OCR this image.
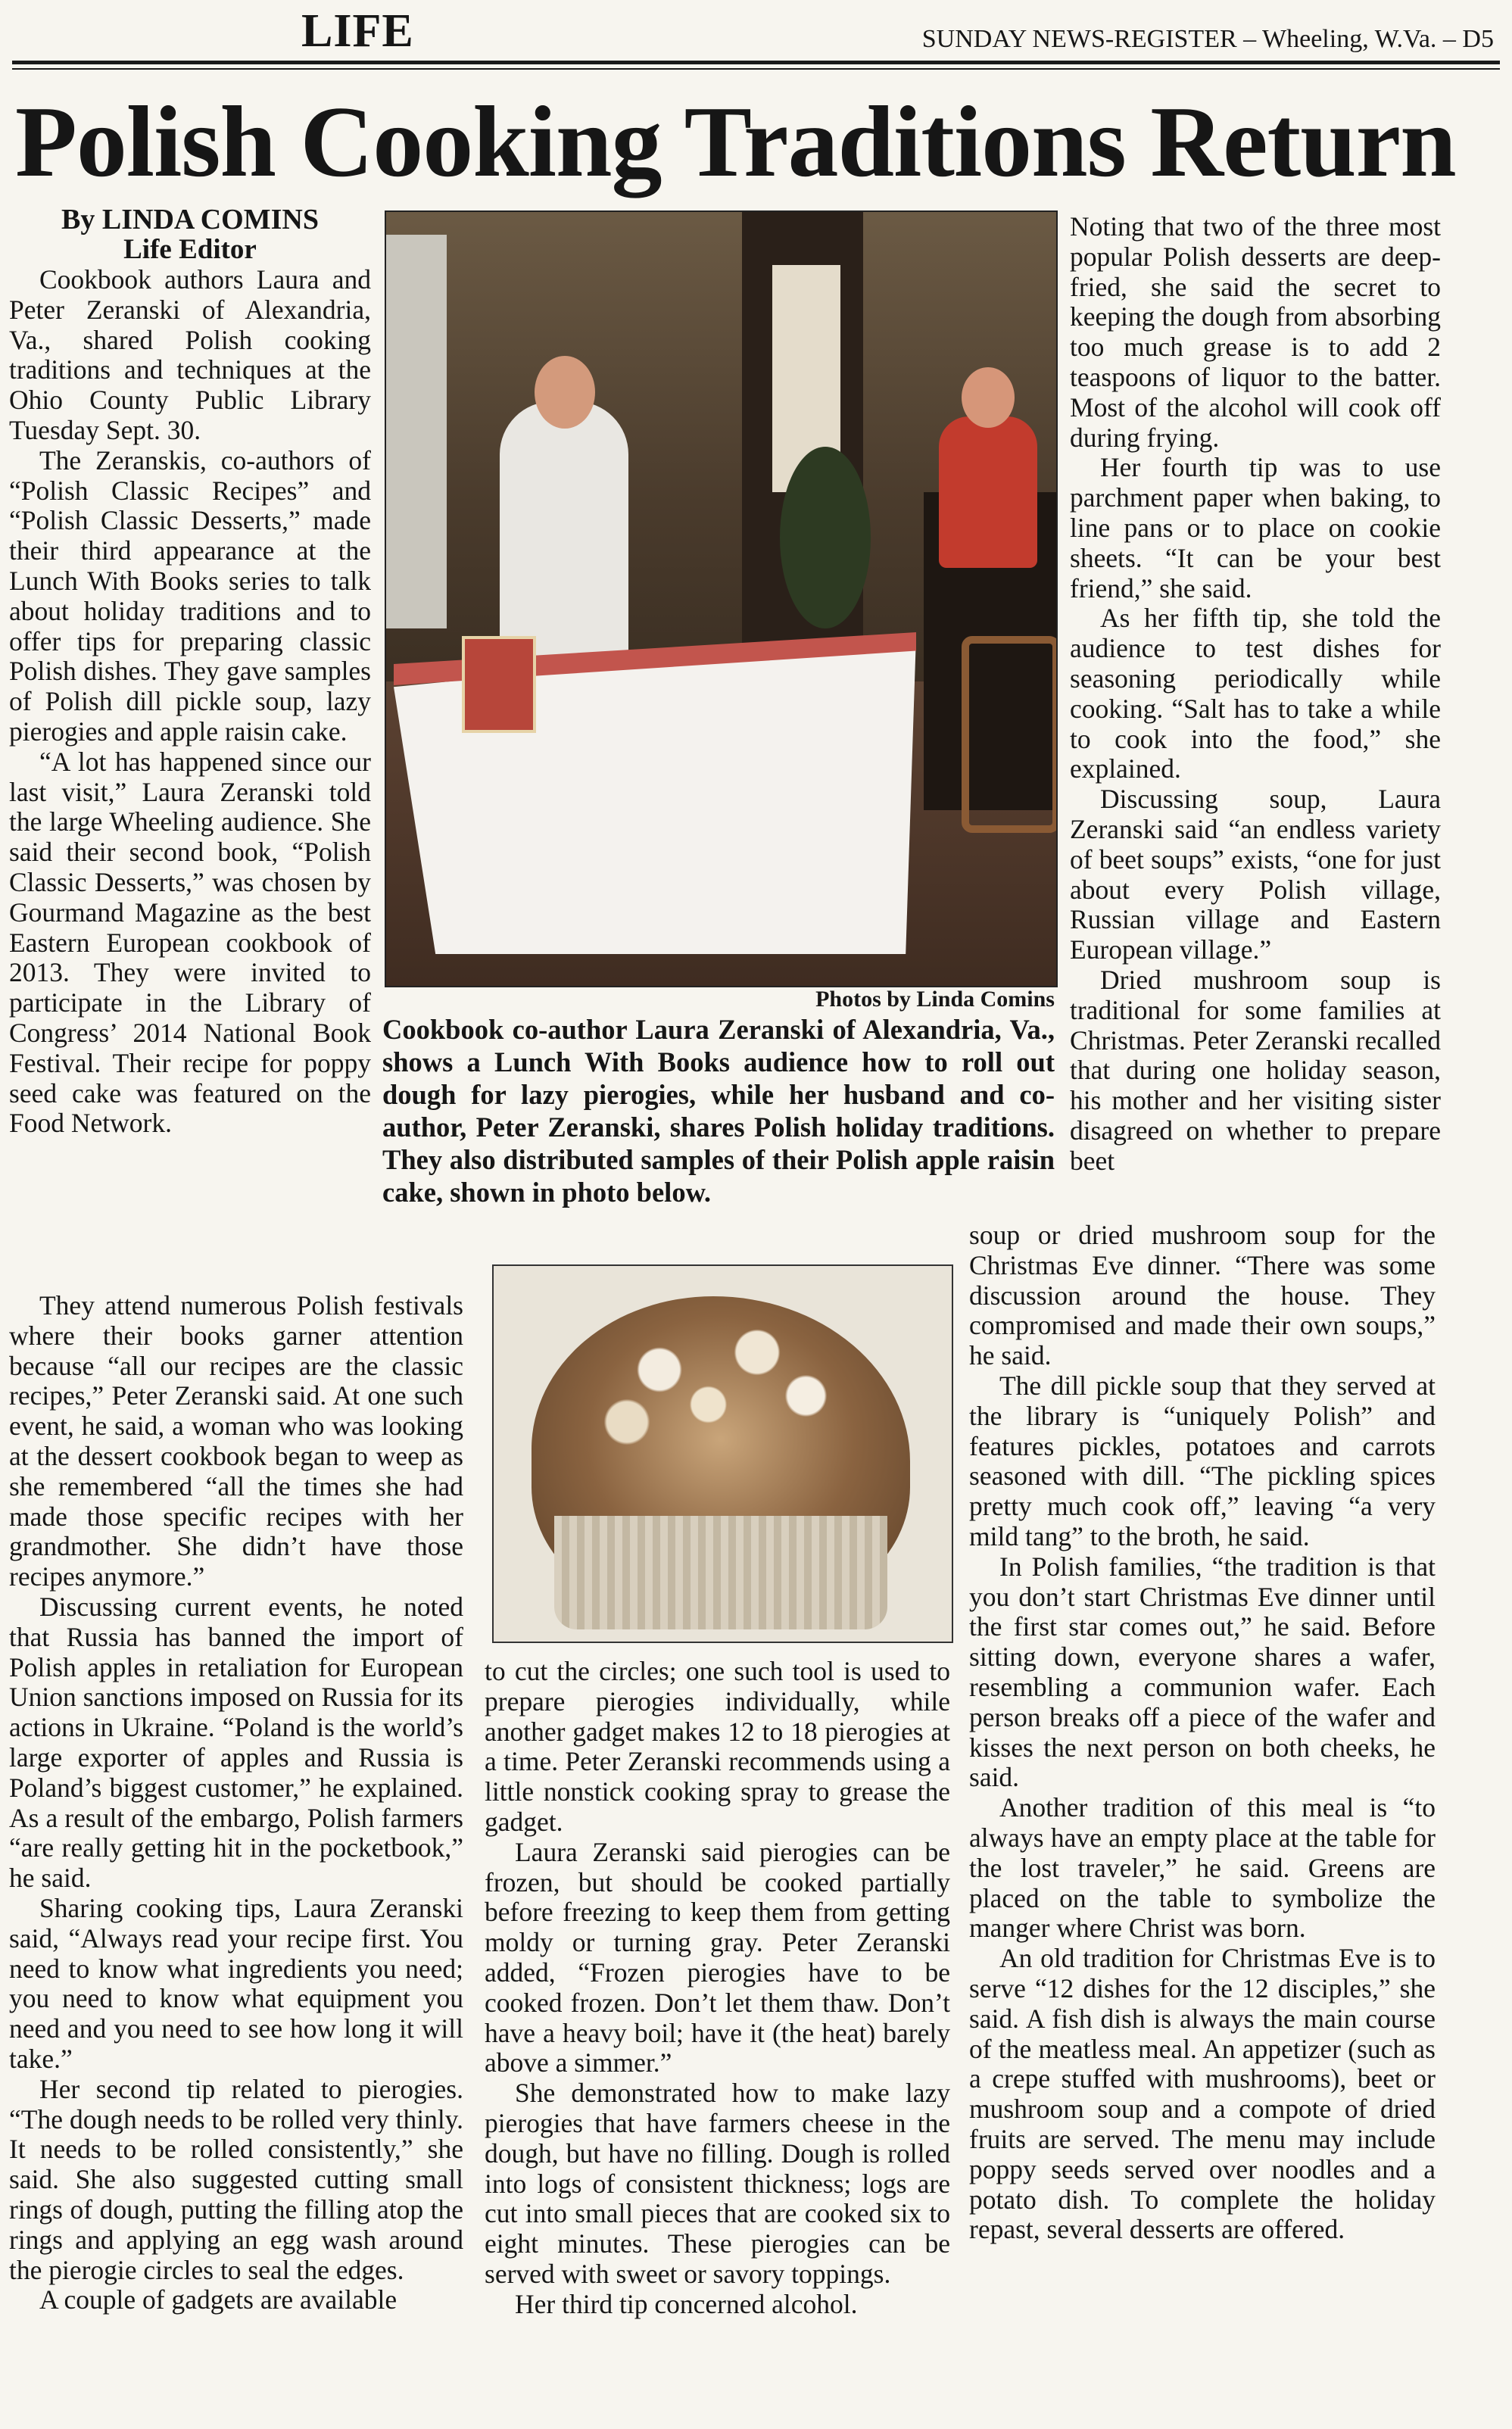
LIFE	SUNDAY NEWS-REGISTER – Wheeling, W.Va. – D5
Polish Cooking Traditions Return

By LINDA COMINS

Life Editor

Cookbook authors Laura and Peter Zeranski of Alexandria, Va., shared Polish cooking traditions and techniques at the Ohio County Public Library Tuesday Sept. 30.

The Zeranskis, co-authors of “Polish Classic Recipes” and “Polish Classic Desserts,” made their third appearance at the Lunch With Books series to talk about holiday traditions and to offer tips for preparing classic Polish dishes. They gave samples of Polish dill pickle soup, lazy pierogies and apple raisin cake.

“A lot has happened since our last visit,” Laura Zeranski told the large Wheeling audience. She said their second book, “Polish Classic Desserts,” was chosen by Gourmand Magazine as the best Eastern European cookbook of 2013. They were invited to participate in the Library of Congress’ 2014 National Book Festival. Their recipe for poppy seed cake was featured on the Food Network.

They attend numerous Polish festivals where their books garner attention because “all our recipes are the classic recipes,” Peter Zeranski said. At one such event, he said, a woman who was looking at the dessert cookbook began to weep as she remembered “all the times she had made those specific recipes with her grandmother. She didn’t have those recipes anymore.”

Discussing current events, he noted that Russia has banned the import of Polish apples in retaliation for European Union sanctions imposed on Russia for its actions in Ukraine. “Poland is the world’s large exporter of apples and Russia is Poland’s biggest customer,” he explained. As a result of the embargo, Polish farmers “are really getting hit in the pocketbook,” he said.

Sharing cooking tips, Laura Zeranski said, “Always read your recipe first. You need to know what ingredients you need; you need to know what equipment you need and you need to see how long it will take.”

Her second tip related to pierogies. “The dough needs to be rolled very thinly. It needs to be rolled consistently,” she said. She also suggested cutting small rings of dough, putting the filling atop the rings and applying an egg wash around the pierogie circles to seal the edges.

A couple of gadgets are available

Photos by Linda Comins
Cookbook co-author Laura Zeranski of Alexandria, Va., shows a Lunch With Books audience how to roll out dough for lazy pierogies, while her husband and co-author, Peter Zeranski, shares Polish holiday traditions. They also distributed samples of their Polish apple raisin cake, shown in photo below.

to cut the circles; one such tool is used to prepare pierogies individually, while another gadget makes 12 to 18 pierogies at a time. Peter Zeranski recommends using a little nonstick cooking spray to grease the gadget.

Laura Zeranski said pierogies can be frozen, but should be cooked partially before freezing to keep them from getting moldy or turning gray. Peter Zeranski added, “Frozen pierogies have to be cooked frozen. Don’t let them thaw. Don’t have a heavy boil; have it (the heat) barely above a simmer.”

She demonstrated how to make lazy pierogies that have farmers cheese in the dough, but have no filling. Dough is rolled into logs of consistent thickness; logs are cut into small pieces that are cooked six to eight minutes. These pierogies can be served with sweet or savory toppings.

Her third tip concerned alcohol.

Noting that two of the three most popular Polish desserts are deep-fried, she said the secret to keeping the dough from absorbing too much grease is to add 2 teaspoons of liquor to the batter. Most of the alcohol will cook off during frying.

Her fourth tip was to use parchment paper when baking, to line pans or to place on cookie sheets. “It can be your best friend,” she said.

As her fifth tip, she told the audience to test dishes for seasoning periodically while cooking. “Salt has to take a while to cook into the food,” she explained.

Discussing soup, Laura Zeranski said “an endless variety of beet soups” exists, “one for just about every Polish village, Russian village and Eastern European village.”

Dried mushroom soup is traditional for some families at Christmas. Peter Zeranski recalled that during one holiday season, his mother and her visiting sister disagreed on whether to prepare beet

soup or dried mushroom soup for the Christmas Eve dinner. “There was some discussion around the house. They compromised and made their own soups,” he said.

The dill pickle soup that they served at the library is “uniquely Polish” and features pickles, potatoes and carrots seasoned with dill. “The pickling spices pretty much cook off,” leaving “a very mild tang” to the broth, he said.

In Polish families, “the tradition is that you don’t start Christmas Eve dinner until the first star comes out,” he said. Before sitting down, everyone shares a wafer, resembling a communion wafer. Each person breaks off a piece of the wafer and kisses the next person on both cheeks, he said.

Another tradition of this meal is “to always have an empty place at the table for the lost traveler,” he said. Greens are placed on the table to symbolize the manger where Christ was born.

An old tradition for Christmas Eve is to serve “12 dishes for the 12 disciples,” she said. A fish dish is always the main course of the meatless meal. An appetizer (such as a crepe stuffed with mushrooms), beet or mushroom soup and a compote of dried fruits are served. The menu may include poppy seeds served over noodles and a potato dish. To complete the holiday repast, several desserts are offered.
